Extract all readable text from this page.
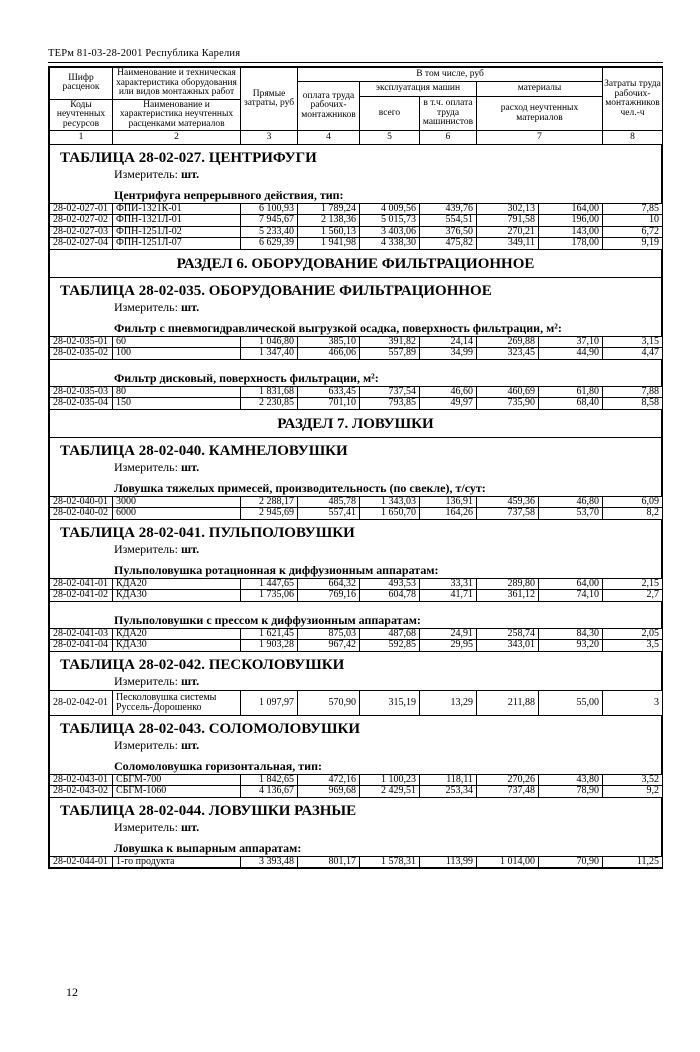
ТЕРм 81-03-28-2001 Республика Карелия
Шифр расценок	Наименование и техническая характеристика оборудования или видов монтажных работ	Прямые затраты, руб	В том числе, руб				Затраты труда рабочих-монтажников чел.-ч	
			оплата труда рабочих-монтажников	эксплуатация машин		материалы		
				всего	в т.ч. оплата труда машинистов	расход неучтенных материалов		
Коды неучтенных ресурсов	Наименование и характеристика неучтенных расценками материалов							

1	2	3	4	5	6	7	8	
ТАБЛИЦА 28-02-027. ЦЕНТРИФУГИ
Измеритель: шт.
Центрифуга непрерывного действия, тип:
28-02-027-01	ФПИ-1321К-01	6 100,93	1 789,24	4 009,56	439,76	302,13	164,00	7,85
28-02-027-02	ФПН-1321Л-01	7 945,67	2 138,36	5 015,73	554,51	791,58	196,00	10
28-02-027-03	ФПН-1251Л-02	5 233,40	1 560,13	3 403,06	376,50	270,21	143,00	6,72
28-02-027-04	ФПН-1251Л-07	6 629,39	1 941,98	4 338,30	475,82	349,11	178,00	9,19
РАЗДЕЛ 6. ОБОРУДОВАНИЕ ФИЛЬТРАЦИОННОЕ
ТАБЛИЦА 28-02-035. ОБОРУДОВАНИЕ ФИЛЬТРАЦИОННОЕ
Измеритель: шт.
Фильтр с пневмогидравлической выгрузкой осадка, поверхность фильтрации, м²:
28-02-035-01	60	1 046,80	385,10	391,82	24,14	269,88	37,10	3,15
28-02-035-02	100	1 347,40	466,06	557,89	34,99	323,45	44,90	4,47
Фильтр дисковый, поверхность фильтрации, м²:
28-02-035-03	80	1 831,68	633,45	737,54	46,60	460,69	61,80	7,88
28-02-035-04	150	2 230,85	701,10	793,85	49,97	735,90	68,40	8,58
РАЗДЕЛ 7. ЛОВУШКИ
ТАБЛИЦА 28-02-040. КАМНЕЛОВУШКИ
Измеритель: шт.
Ловушка тяжелых примесей, производительность (по свекле), т/сут:
28-02-040-01	3000	2 288,17	485,78	1 343,03	136,91	459,36	46,80	6,09
28-02-040-02	6000	2 945,69	557,41	1 650,70	164,26	737,58	53,70	8,2
ТАБЛИЦА 28-02-041. ПУЛЬПОЛОВУШКИ
Измеритель: шт.
Пульполовушка ротационная к диффузионным аппаратам:
28-02-041-01	КДА20	1 447,65	664,32	493,53	33,31	289,80	64,00	2,15
28-02-041-02	КДА30	1 735,06	769,16	604,78	41,71	361,12	74,10	2,7
Пульполовушки с прессом к диффузионным аппаратам:
28-02-041-03	КДА20	1 621,45	875,03	487,68	24,91	258,74	84,30	2,05
28-02-041-04	КДА30	1 903,28	967,42	592,85	29,95	343,01	93,20	3,5
ТАБЛИЦА 28-02-042. ПЕСКОЛОВУШКИ
Измеритель: шт.
28-02-042-01	Песколовушка системы
Руссель-Дорошенко	1 097,97	570,90	315,19	13,29	211,88	55,00	3
ТАБЛИЦА 28-02-043. СОЛОМОЛОВУШКИ
Измеритель: шт.
Соломоловушка горизонтальная, тип:
28-02-043-01	СБГМ-700	1 842,65	472,16	1 100,23	118,11	270,26	43,80	3,52
28-02-043-02	СБГМ-1060	4 136,67	969,68	2 429,51	253,34	737,48	78,90	9,2
ТАБЛИЦА 28-02-044. ЛОВУШКИ РАЗНЫЕ
Измеритель: шт.
Ловушка к выпарным аппаратам:
28-02-044-01	1-го продукта	3 393,48	801,17	1 578,31	113,99	1 014,00	70,90	11,25
12
